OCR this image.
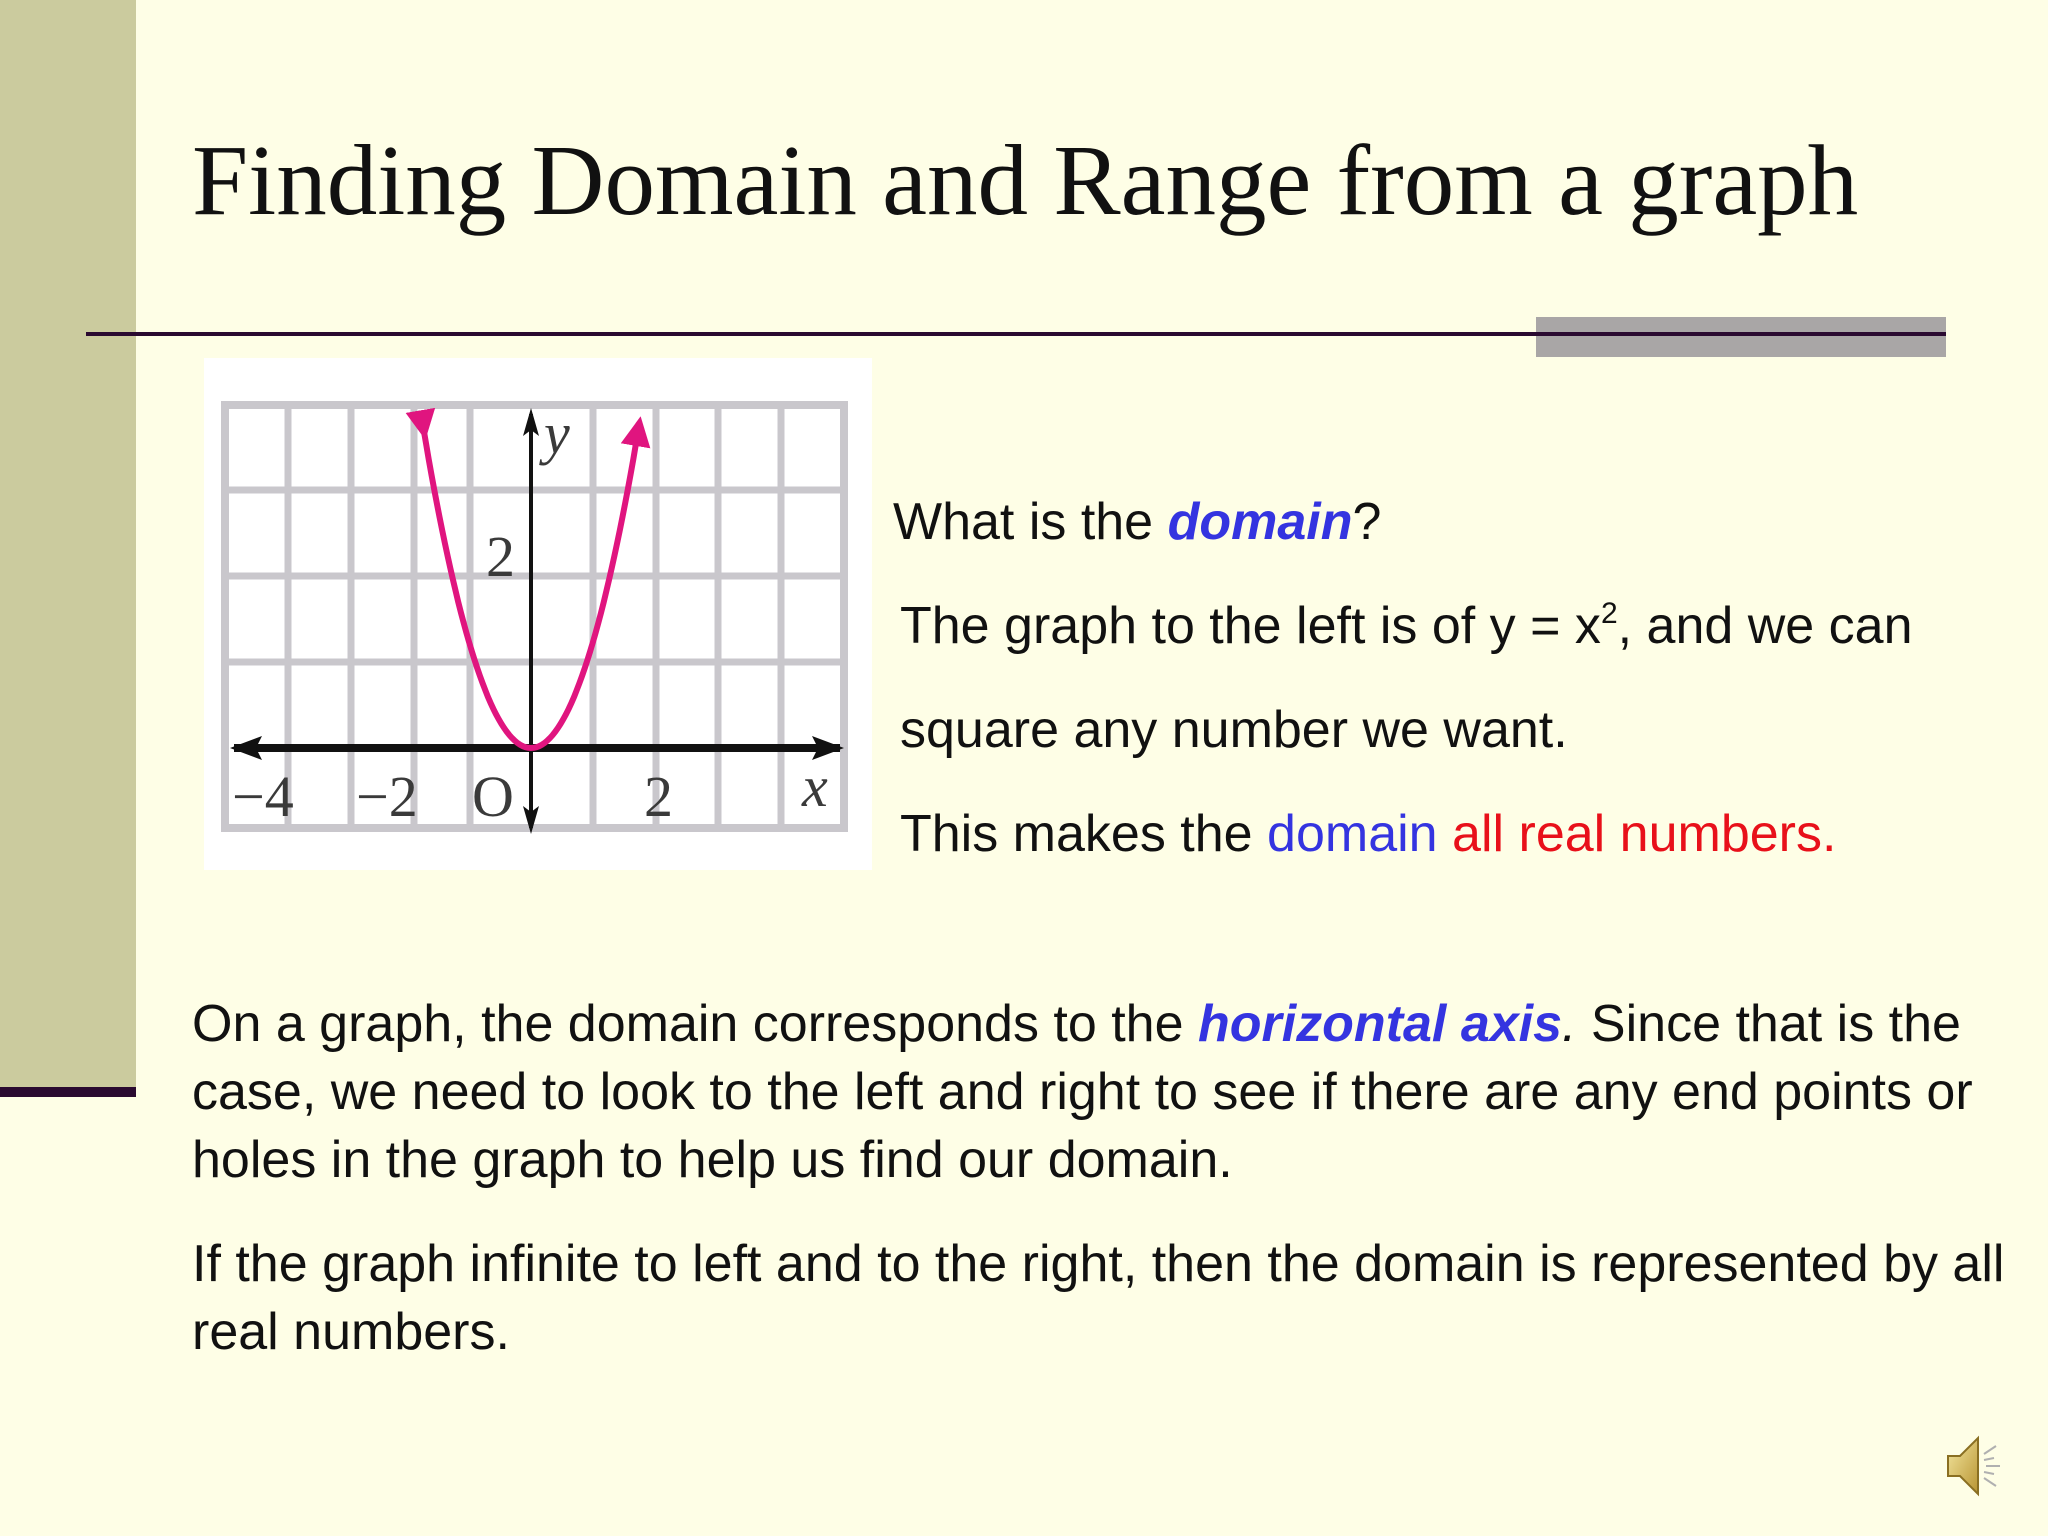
Finding Domain and Range from a graph
y
x
2
−4 −2 O 2
What is the domain?
The graph to the left is of $y = x^2$, and we can
square any number we want.
This makes the domain all real numbers.

On a graph, the domain corresponds to the horizontal axis. Since that is the case, we need to look to the left and right to see if there are any end points or holes in the graph to help us find our domain.

If the graph infinite to left and to the right, then the domain is represented by all real numbers.
